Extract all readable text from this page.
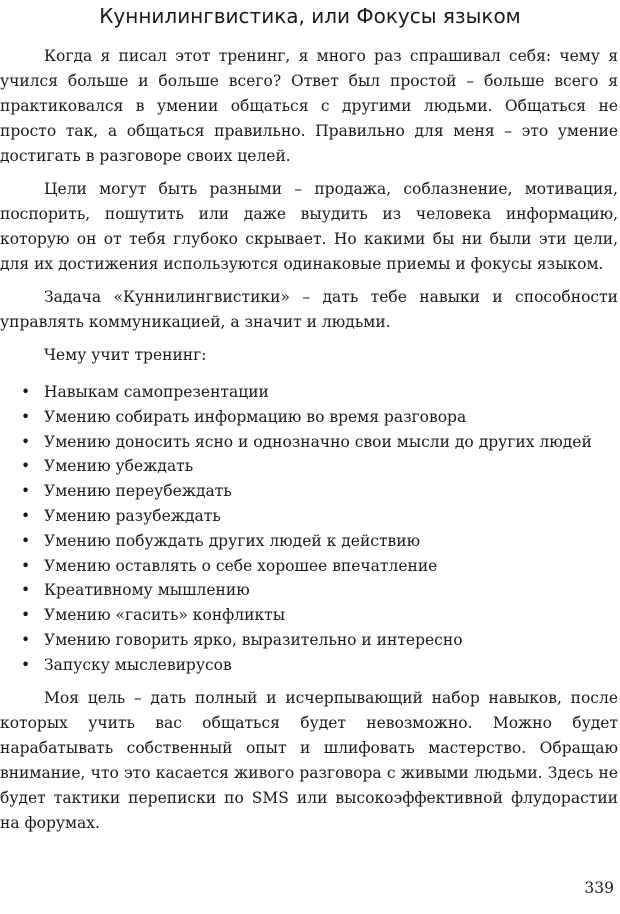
Куннилингвистика, или Фокусы языком

Когда я писал этот тренинг, я много раз спрашивал себя: чему я учился больше и больше всего? Ответ был простой – больше всего я практиковался в умении общаться с другими людьми. Общаться не просто так, а общаться правильно. Правильно для меня – это умение достигать в разговоре своих целей.

Цели могут быть разными – продажа, соблазнение, мотивация, поспорить, пошутить или даже выудить из человека информацию, которую он от тебя глубоко скрывает. Но какими бы ни были эти цели, для их достижения используются одинаковые приемы и фокусы языком.

Задача «Куннилингвистики» – дать тебе навыки и способности управлять коммуникацией, а значит и людьми.

Чему учит тренинг:

• Навыкам самопрезентации
• Умению собирать информацию во время разговора
• Умению доносить ясно и однозначно свои мысли до других людей
• Умению убеждать
• Умению переубеждать
• Умению разубеждать
• Умению побуждать других людей к действию
• Умению оставлять о себе хорошее впечатление
• Креативному мышлению
• Умению «гасить» конфликты
• Умению говорить ярко, выразительно и интересно
• Запуску мыслевирусов

Моя цель – дать полный и исчерпывающий набор навыков, после которых учить вас общаться будет невозможно. Можно будет нарабатывать собственный опыт и шлифовать мастерство. Обращаю внимание, что это касается живого разговора с живыми людьми. Здесь не будет тактики переписки по SMS или высокоэффективной флудорастии на форумах.

339
